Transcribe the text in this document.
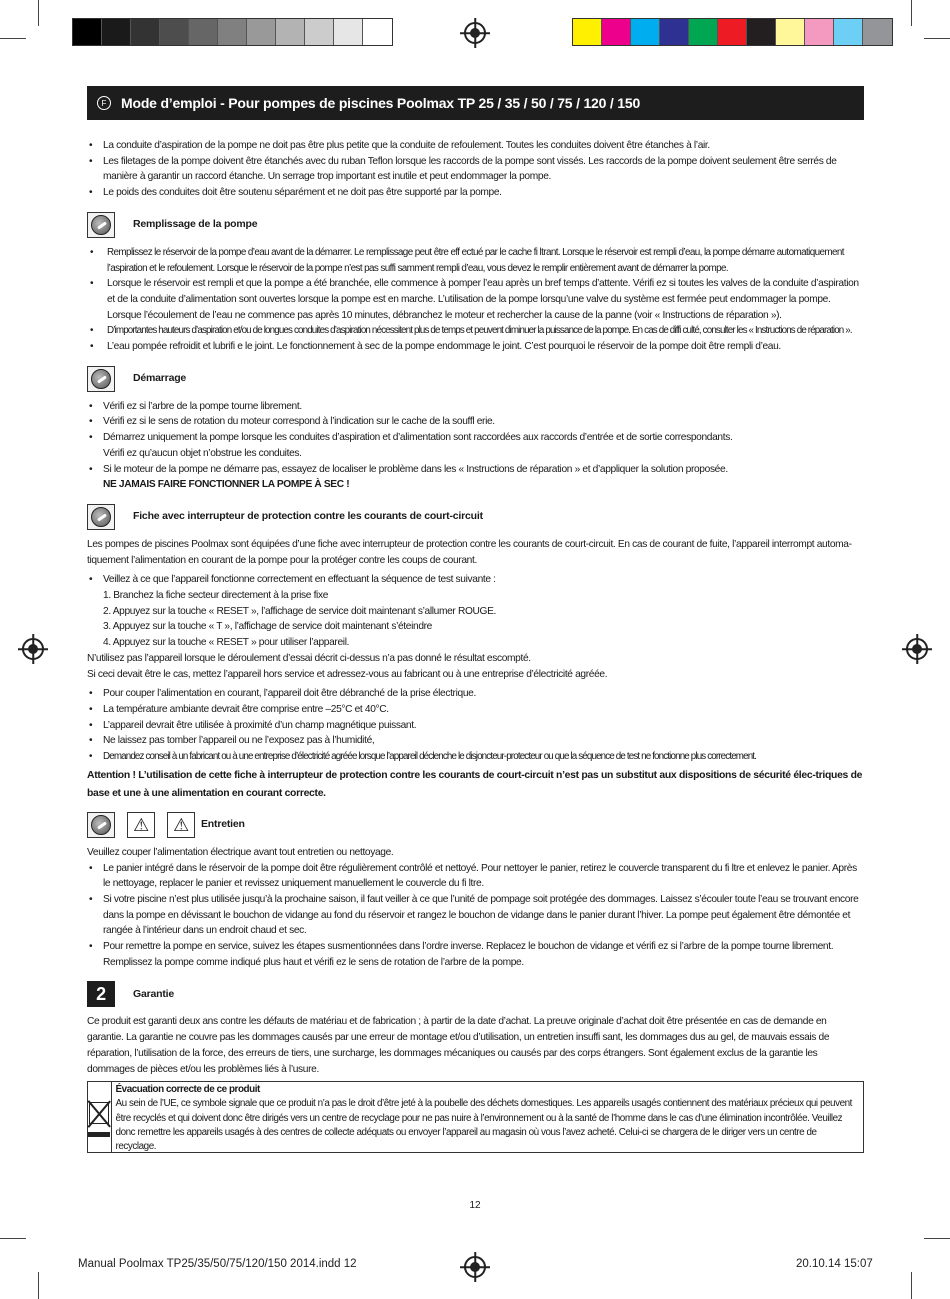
F	Mode d’emploi - Pour pompes de piscines Poolmax TP 25 / 35 / 50 / 75 / 120 / 150
• La conduite d’aspiration de la pompe ne doit pas être plus petite que la conduite de refoulement. Toutes les conduites doivent être étanches à l’air.
• Les filetages de la pompe doivent être étanchés avec du ruban Teflon lorsque les raccords de la pompe sont vissés. Les raccords de la pompe doivent seulement être serrés de manière à garantir un raccord étanche. Un serrage trop important est inutile et peut endommager la pompe.
• Le poids des conduites doit être soutenu séparément et ne doit pas être supporté par la pompe.
Remplissage de la pompe
• Remplissez le réservoir de la pompe d’eau avant de la démarrer. Le remplissage peut être eff ectué par le cache fi ltrant. Lorsque le réservoir est rempli d’eau, la pompe démarre automatiquement l’aspiration et le refoulement. Lorsque le réservoir de la pompe n’est pas suffi samment rempli d’eau, vous devez le remplir entièrement avant de démarrer la pompe.
• Lorsque le réservoir est rempli et que la pompe a été branchée, elle commence à pomper l’eau après un bref temps d’attente. Vérifi ez si toutes les valves de la conduite d’aspiration et de la conduite d’alimentation sont ouvertes lorsque la pompe est en marche. L’utilisation de la pompe lorsqu’une valve du système est fermée peut endommager la pompe. Lorsque l’écoulement de l’eau ne commence pas après 10 minutes, débranchez le moteur et rechercher la cause de la panne (voir « Instructions de réparation »).
• D’importantes hauteurs d’aspiration et/ou de longues conduites d’aspiration nécessitent plus de temps et peuvent diminuer la puissance de la pompe. En cas de diffi culté, consulter les « Instructions de réparation ».
• L’eau pompée refroidit et lubrifi e le joint. Le fonctionnement à sec de la pompe endommage le joint. C’est pourquoi le réservoir de la pompe doit être rempli d’eau.
Démarrage
• Vérifi ez si l’arbre de la pompe tourne librement.
• Vérifi ez si le sens de rotation du moteur correspond à l’indication sur le cache de la souffl erie.
• Démarrez uniquement la pompe lorsque les conduites d’aspiration et d’alimentation sont raccordées aux raccords d’entrée et de sortie correspondants.
Vérifi ez qu’aucun objet n’obstrue les conduites.
• Si le moteur de la pompe ne démarre pas, essayez de localiser le problème dans les « Instructions de réparation » et d’appliquer la solution proposée.

NE JAMAIS FAIRE FONCTIONNER LA POMPE À SEC !

Fiche avec interrupteur de protection contre les courants de court-circuit

Les pompes de piscines Poolmax sont équipées d’une fiche avec interrupteur de protection contre les courants de court-circuit. En cas de courant de fuite, l’appareil interrompt automa-tiquement l’alimentation en courant de la pompe pour la protéger contre les coups de courant.

• Veillez à ce que l’appareil fonctionne correctement en effectuant la séquence de test suivante :
1. Branchez la fiche secteur directement à la prise fixe
2. Appuyez sur la touche « RESET », l’affichage de service doit maintenant s’allumer ROUGE.
3. Appuyez sur la touche « T », l’affichage de service doit maintenant s’éteindre
4. Appuyez sur la touche « RESET » pour utiliser l’appareil.

N’utilisez pas l’appareil lorsque le déroulement d’essai décrit ci-dessus n’a pas donné le résultat escompté.

Si ceci devait être le cas, mettez l’appareil hors service et adressez-vous au fabricant ou à une entreprise d’électricité agréée.

• Pour couper l’alimentation en courant, l’appareil doit être débranché de la prise électrique.
• La température ambiante devrait être comprise entre –25°C et 40°C.
• L’appareil devrait être utilisée à proximité d’un champ magnétique puissant.
• Ne laissez pas tomber l’appareil ou ne l’exposez pas à l’humidité,
• Demandez conseil à un fabricant ou à une entreprise d’électricité agréée lorsque l’appareil déclenche le disjoncteur-protecteur ou que la séquence de test ne fonctionne plus correctement.

Attention ! L’utilisation de cette fiche à interrupteur de protection contre les courants de court-circuit n’est pas un substitut aux dispositions de sécurité élec-triques de base et une à une alimentation en courant correcte.

⚠	⚠	Entretien

Veuillez couper l’alimentation électrique avant tout entretien ou nettoyage.

• Le panier intégré dans le réservoir de la pompe doit être régulièrement contrôlé et nettoyé. Pour nettoyer le panier, retirez le couvercle transparent du fi ltre et enlevez le panier. Après le nettoyage, replacer le panier et revissez uniquement manuellement le couvercle du fi ltre.
• Si votre piscine n’est plus utilisée jusqu’à la prochaine saison, il faut veiller à ce que l’unité de pompage soit protégée des dommages. Laissez s’écouler toute l’eau se trouvant encore dans la pompe en dévissant le bouchon de vidange au fond du réservoir et rangez le bouchon de vidange dans le panier durant l’hiver. La pompe peut également être démontée et rangée à l’intérieur dans un endroit chaud et sec.
• Pour remettre la pompe en service, suivez les étapes susmentionnées dans l’ordre inverse. Replacez le bouchon de vidange et vérifi ez si l’arbre de la pompe tourne librement. Remplissez la pompe comme indiqué plus haut et vérifi ez le sens de rotation de l’arbre de la pompe.
2	Garantie

Ce produit est garanti deux ans contre les défauts de matériau et de fabrication ; à partir de la date d’achat. La preuve originale d’achat doit être présentée en cas de demande en garantie. La garantie ne couvre pas les dommages causés par une erreur de montage et/ou d’utilisation, un entretien insuffi sant, les dommages dus au gel, de mauvais essais de réparation, l’utilisation de la force, des erreurs de tiers, une surcharge, les dommages mécaniques ou causés par des corps étrangers. Sont également exclus de la garantie les dommages de pièces et/ou les problèmes liés à l’usure.

Évacuation correcte de ce produit
Au sein de l’UE, ce symbole signale que ce produit n’a pas le droit d’être jeté à la poubelle des déchets domestiques. Les appareils usagés contiennent des matériaux précieux qui peuvent être recyclés et qui doivent donc être dirigés vers un centre de recyclage pour ne pas nuire à l’environnement ou à la santé de l’homme dans le cas d’une élimination incontrôlée. Veuillez donc remettre les appareils usagés à des centres de collecte adéquats ou envoyer l’appareil au magasin où vous l’avez acheté. Celui-ci se chargera de le diriger vers un centre de recyclage.
12
Manual Poolmax TP25/35/50/75/120/150 2014.indd 12	20.10.14 15:07
